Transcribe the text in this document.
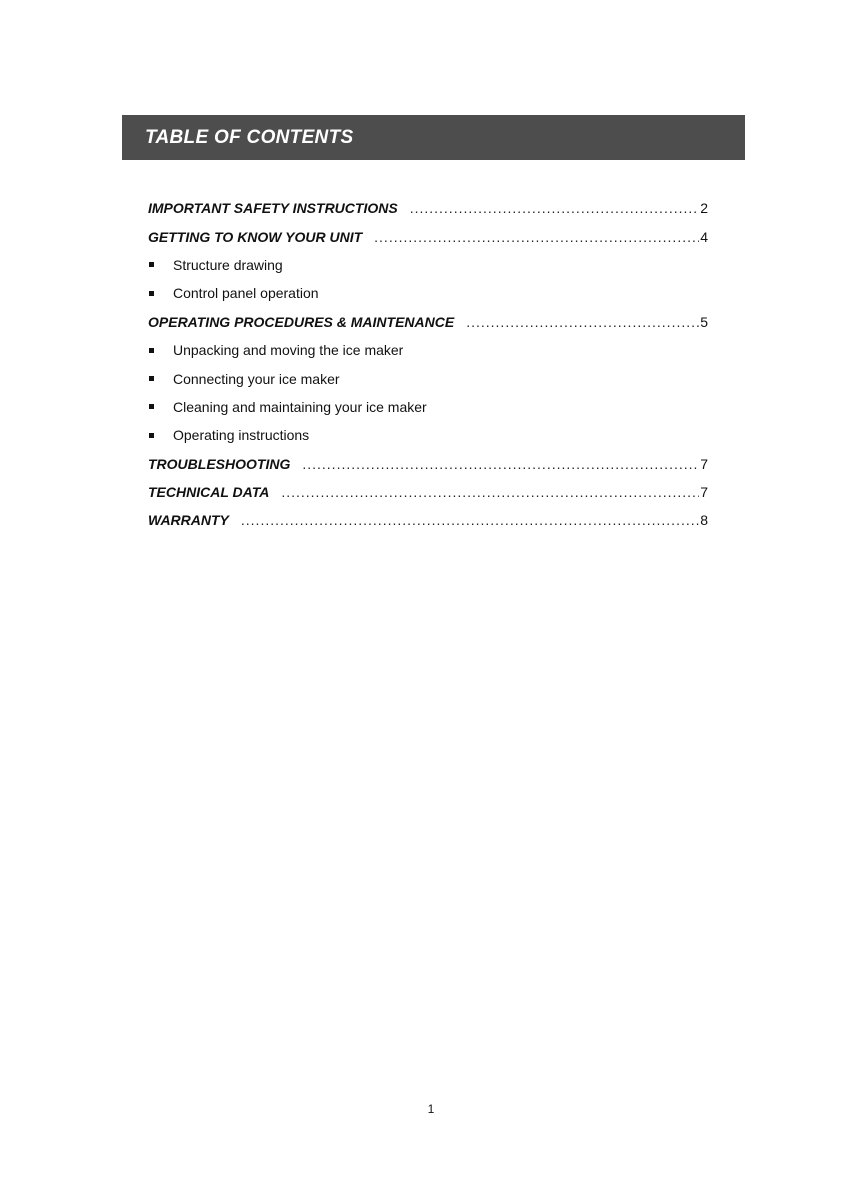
TABLE OF CONTENTS
IMPORTANT SAFETY INSTRUCTIONS .....	2
GETTING TO KNOW YOUR UNIT .....	4
Structure drawing
Control panel operation
OPERATING PROCEDURES & MAINTENANCE .....	5
Unpacking and moving the ice maker
Connecting your ice maker
Cleaning and maintaining your ice maker
Operating instructions
TROUBLESHOOTING .....	7
TECHNICAL DATA .....	7
WARRANTY .....	8
1
